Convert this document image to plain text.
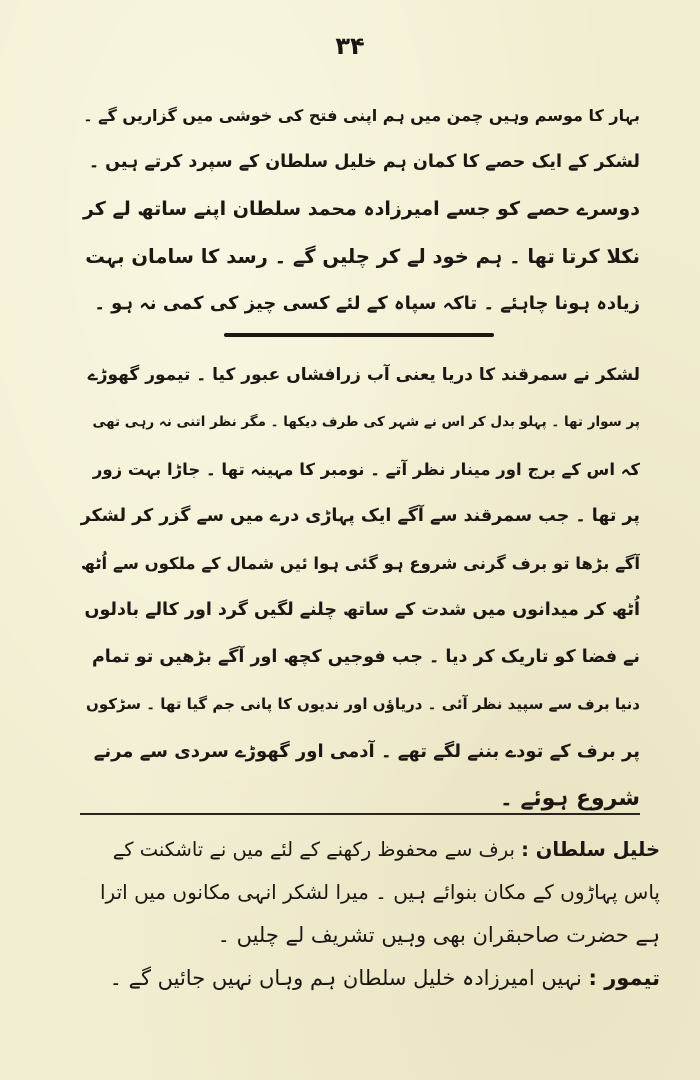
۳۴
بہار کا موسم وہیں چمن میں ہم اپنی فتح کی خوشی میں گزاریں گے ۔
لشکر کے ایک حصے کا کمان ہم خلیل سلطان کے سپرد کرتے ہیں ۔
دوسرے حصے کو جسے امیرزادہ محمد سلطان اپنے ساتھ لے کر
نکلا کرتا تھا ۔ ہم خود لے کر چلیں گے ۔ رسد کا سامان بہت
زیادہ ہونا چاہئے ۔ تاکہ سپاہ کے لئے کسی چیز کی کمی نہ ہو ۔
لشکر نے سمرقند کا دریا یعنی آب زرافشاں عبور کیا ۔ تیمور گھوڑے
پر سوار تھا ۔ پہلو بدل کر اس نے شہر کی طرف دیکھا ۔ مگر نظر اتنی نہ رہی تھی
کہ اس کے برج اور مینار نظر آتے ۔ نومبر کا مہینہ تھا ۔ جاڑا بہت زور
پر تھا ۔ جب سمرقند سے آگے ایک پہاڑی درے میں سے گزر کر لشکر
آگے بڑھا تو برف گرنی شروع ہو گئی ہوا ئیں شمال کے ملکوں سے اُٹھ
اُٹھ کر میدانوں میں شدت کے ساتھ چلنے لگیں گرد اور کالے بادلوں
نے فضا کو تاریک کر دیا ۔ جب فوجیں کچھ اور آگے بڑھیں تو تمام
دنیا برف سے سپید نظر آئی ۔ دریاؤں اور ندیوں کا پانی جم گیا تھا ۔ سڑکوں
پر برف کے تودے بننے لگے تھے ۔ آدمی اور گھوڑے سردی سے مرنے
شروع ہوئے ۔
خلیل سلطان : برف سے محفوظ رکھنے کے لئے میں نے تاشکنت کے
پاس پہاڑوں کے مکان بنوائے ہیں ۔ میرا لشکر انہی مکانوں میں اترا
ہے حضرت صاحبقران بھی وہیں تشریف لے چلیں ۔
تیمور : نہیں امیرزادہ خلیل سلطان ہم وہاں نہیں جائیں گے ۔
